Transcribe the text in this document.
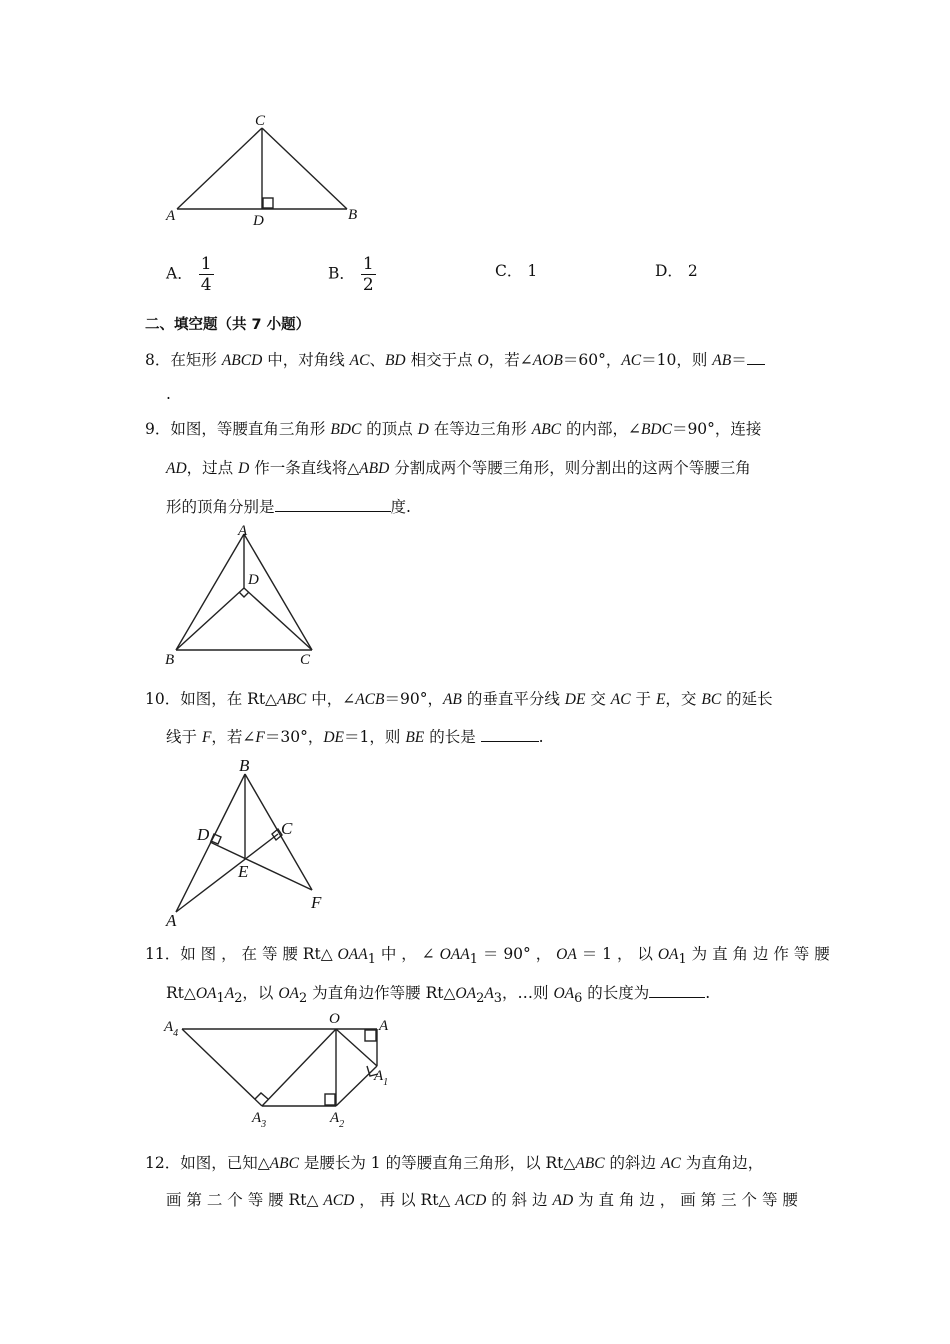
C
A	D	B
A． $\frac{1}{4}$	B． $\frac{1}{2}$	C． 1	D． 2
二、填空题（共 7 小题）
8．在矩形 ABCD 中，对角线 AC、BD 相交于点 O，若∠AOB＝60°，AC＝10，则 AB＝
.
9．如图，等腰直角三角形 BDC 的顶点 D 在等边三角形 ABC 的内部，∠BDC＝90°，连接
AD，过点 D 作一条直线将△ABD 分割成两个等腰三角形，则分割出的这两个等腰三角
形的顶角分别是	度.
A
D
B	C
10．如图，在 Rt△ABC 中，∠ACB＝90°，AB 的垂直平分线 DE 交 AC 于 E，交 BC 的延长
线于 F，若∠F＝30°，DE＝1，则 BE 的长是	.
B
D	C
E
A
F
11．如 图 ， 在 等 腰 Rt△ $OAA_1$ 中 ， ∠ $OAA_1 = 90^\circ$ ， OA ＝ 1 ， 以 $OA_1$ 为 直 角 边 作 等 腰
$Rt\triangle OA_1A_2$，以 $OA_2$ 为直角边作等腰 $Rt\triangle OA_2A_3$，…则 $OA_6$ 的长度为	.
$A_4$
O	A
$A_1$
$A_3$	$A_2$
12．如图，已知△ABC 是腰长为 1 的等腰直角三角形，以 Rt△ABC 的斜边 AC 为直角边，
画 第 二 个 等 腰 Rt△ ACD ， 再 以 Rt△ ACD 的 斜 边 AD 为 直 角 边 ， 画 第 三 个 等 腰
